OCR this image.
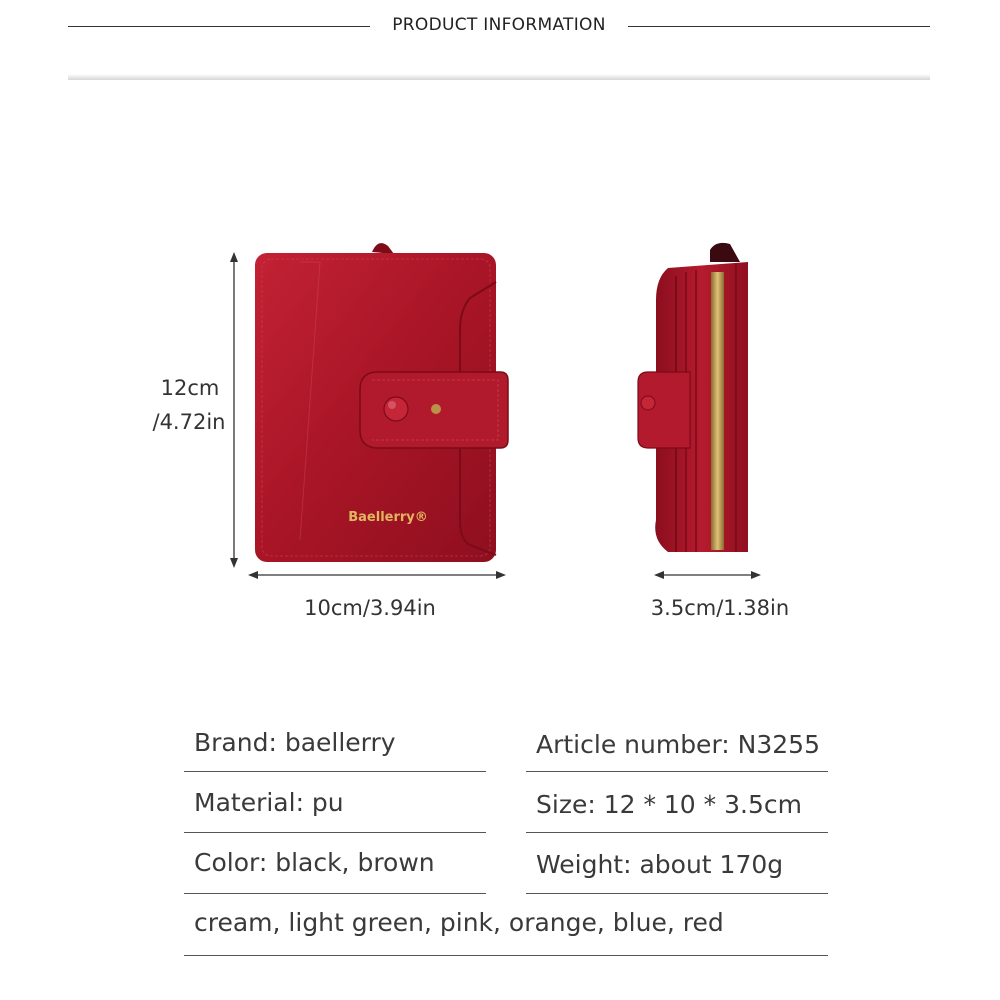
PRODUCT INFORMATION
Baellerry®
12cm
/4.72in
10cm/3.94in	3.5cm/1.38in
Brand: baellerry	Article number: N3255
Material: pu	Size: 12 * 10 * 3.5cm
Color: black, brown	Weight: about 170g
cream, light green, pink, orange, blue, red
